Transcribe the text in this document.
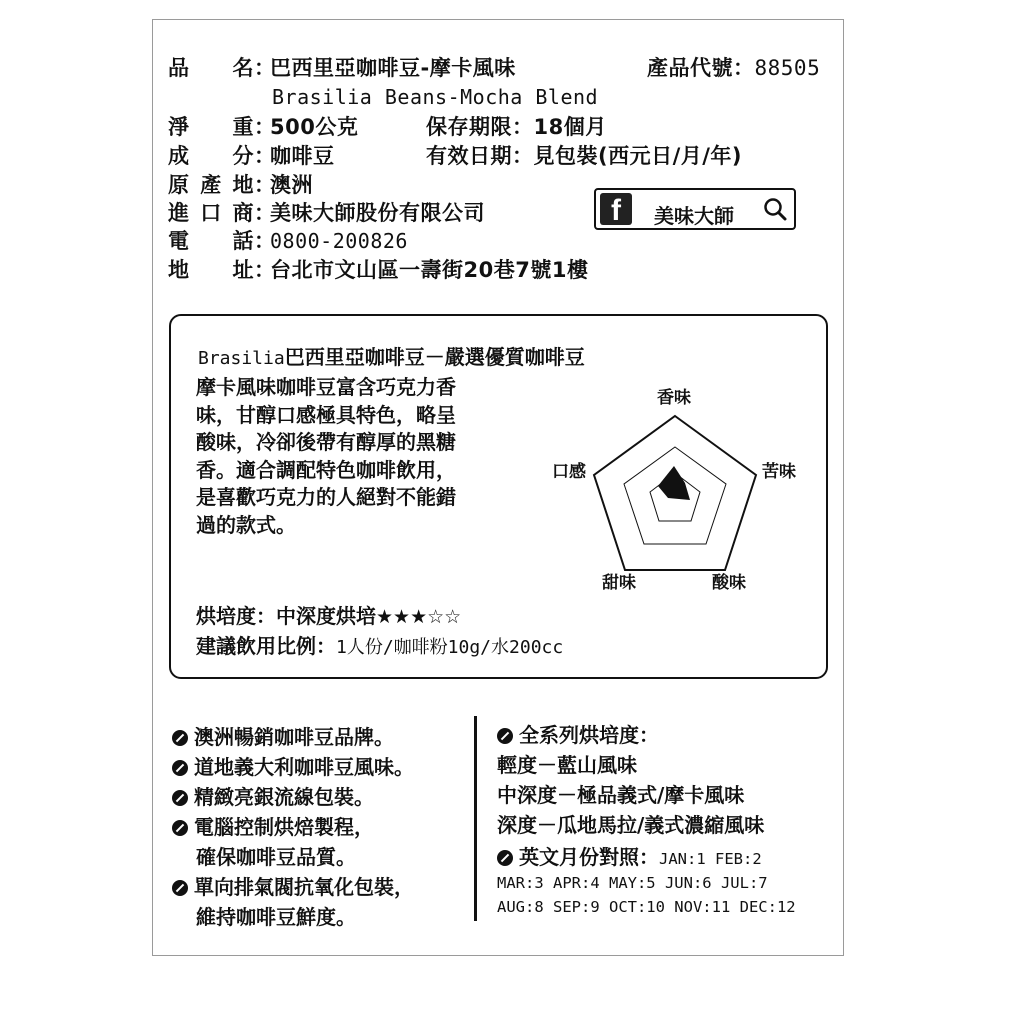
品　名：巴西里亞咖啡豆-摩卡風味	產品代號：88505
Brasilia Beans-Mocha Blend
淨　重：500公克	保存期限：18個月
成　分：咖啡豆	有效日期：見包裝(西元日/月/年)
原產地：澳洲
進口商：美味大師股份有限公司
電　話：0800-200826
地　址：台北市文山區一壽街20巷7號1樓
f	美味大師
Brasilia巴西里亞咖啡豆－嚴選優質咖啡豆
摩卡風味咖啡豆富含巧克力香
味，甘醇口感極具特色，略呈
酸味，冷卻後帶有醇厚的黑糖
香。適合調配特色咖啡飲用，
是喜歡巧克力的人絕對不能錯
過的款式。
香味
苦味
酸味
甜味
口感
烘培度：中深度烘培★★★☆☆
建議飲用比例：1人份/咖啡粉10g/水200cc
澳洲暢銷咖啡豆品牌。
道地義大利咖啡豆風味。
精緻亮銀流線包裝。
電腦控制烘焙製程，
確保咖啡豆品質。
單向排氣閥抗氧化包裝，
維持咖啡豆鮮度。
全系列烘培度：
輕度－藍山風味
中深度－極品義式/摩卡風味
深度－瓜地馬拉/義式濃縮風味
英文月份對照：JAN:1 FEB:2
MAR:3 APR:4 MAY:5 JUN:6 JUL:7
AUG:8 SEP:9 OCT:10 NOV:11 DEC:12
